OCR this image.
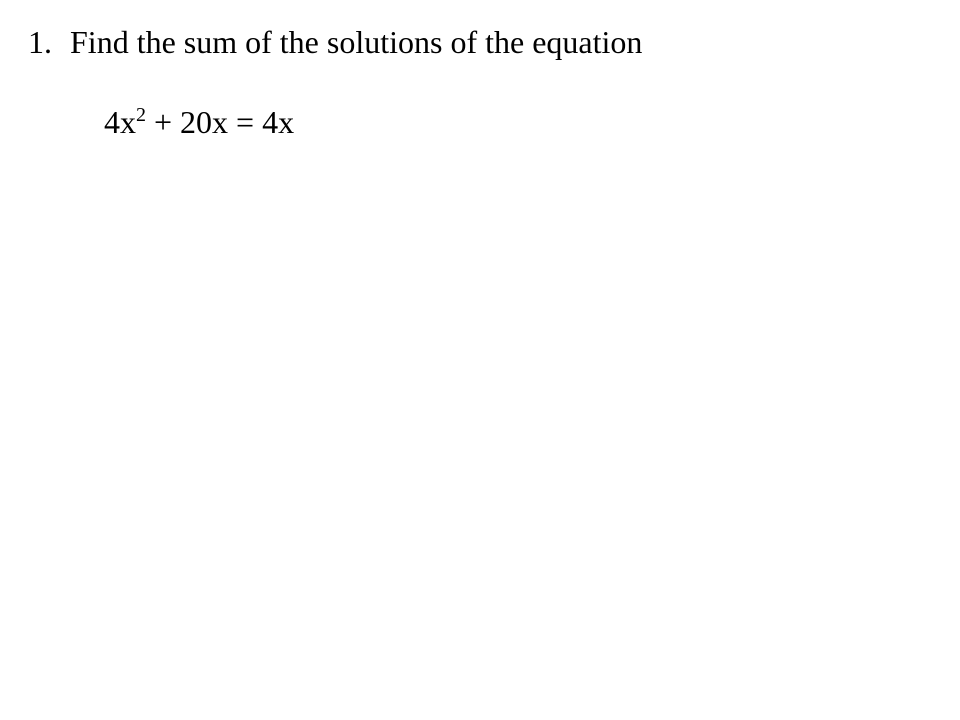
1. Find the sum of the solutions of the equation
$4x^2 + 20x = 4x$
